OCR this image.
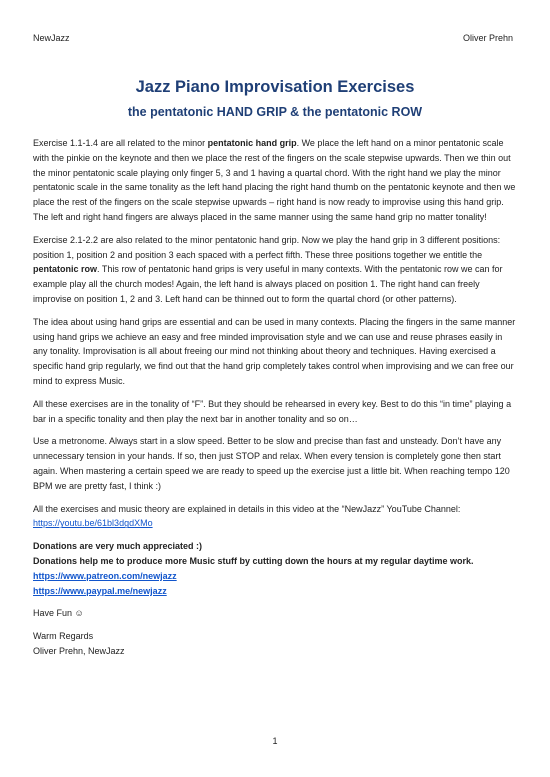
NewJazz	Oliver Prehn
Jazz Piano Improvisation Exercises
the pentatonic HAND GRIP & the pentatonic ROW

Exercise 1.1-1.4 are all related to the minor pentatonic hand grip. We place the left hand on a minor pentatonic scale with the pinkie on the keynote and then we place the rest of the fingers on the scale stepwise upwards. Then we thin out the minor pentatonic scale playing only finger 5, 3 and 1 having a quartal chord. With the right hand we play the minor pentatonic scale in the same tonality as the left hand placing the right hand thumb on the pentatonic keynote and then we place the rest of the fingers on the scale stepwise upwards – right hand is now ready to improvise using this hand grip. The left and right hand fingers are always placed in the same manner using the same hand grip no matter tonality!

Exercise 2.1-2.2 are also related to the minor pentatonic hand grip. Now we play the hand grip in 3 different positions: position 1, position 2 and position 3 each spaced with a perfect fifth. These three positions together we entitle the pentatonic row. This row of pentatonic hand grips is very useful in many contexts. With the pentatonic row we can for example play all the church modes! Again, the left hand is always placed on position 1. The right hand can freely improvise on position 1, 2 and 3. Left hand can be thinned out to form the quartal chord (or other patterns).

The idea about using hand grips are essential and can be used in many contexts. Placing the fingers in the same manner using hand grips we achieve an easy and free minded improvisation style and we can use and reuse phrases easily in any tonality. Improvisation is all about freeing our mind not thinking about theory and techniques. Having exercised a specific hand grip regularly, we find out that the hand grip completely takes control when improvising and we can free our mind to express Music.

All these exercises are in the tonality of “F”. But they should be rehearsed in every key. Best to do this “in time” playing a bar in a specific tonality and then play the next bar in another tonality and so on…

Use a metronome. Always start in a slow speed. Better to be slow and precise than fast and unsteady. Don’t have any unnecessary tension in your hands. If so, then just STOP and relax. When every tension is completely gone then start again. When mastering a certain speed we are ready to speed up the exercise just a little bit. When reaching tempo 120 BPM we are pretty fast, I think :)

All the exercises and music theory are explained in details in this video at the “NewJazz” YouTube Channel:
https://youtu.be/61bl3dgdXMo

Donations are very much appreciated :)
Donations help me to produce more Music stuff by cutting down the hours at my regular daytime work.
https://www.patreon.com/newjazz
https://www.paypal.me/newjazz

Have Fun ☺

Warm Regards
Oliver Prehn, NewJazz

1
